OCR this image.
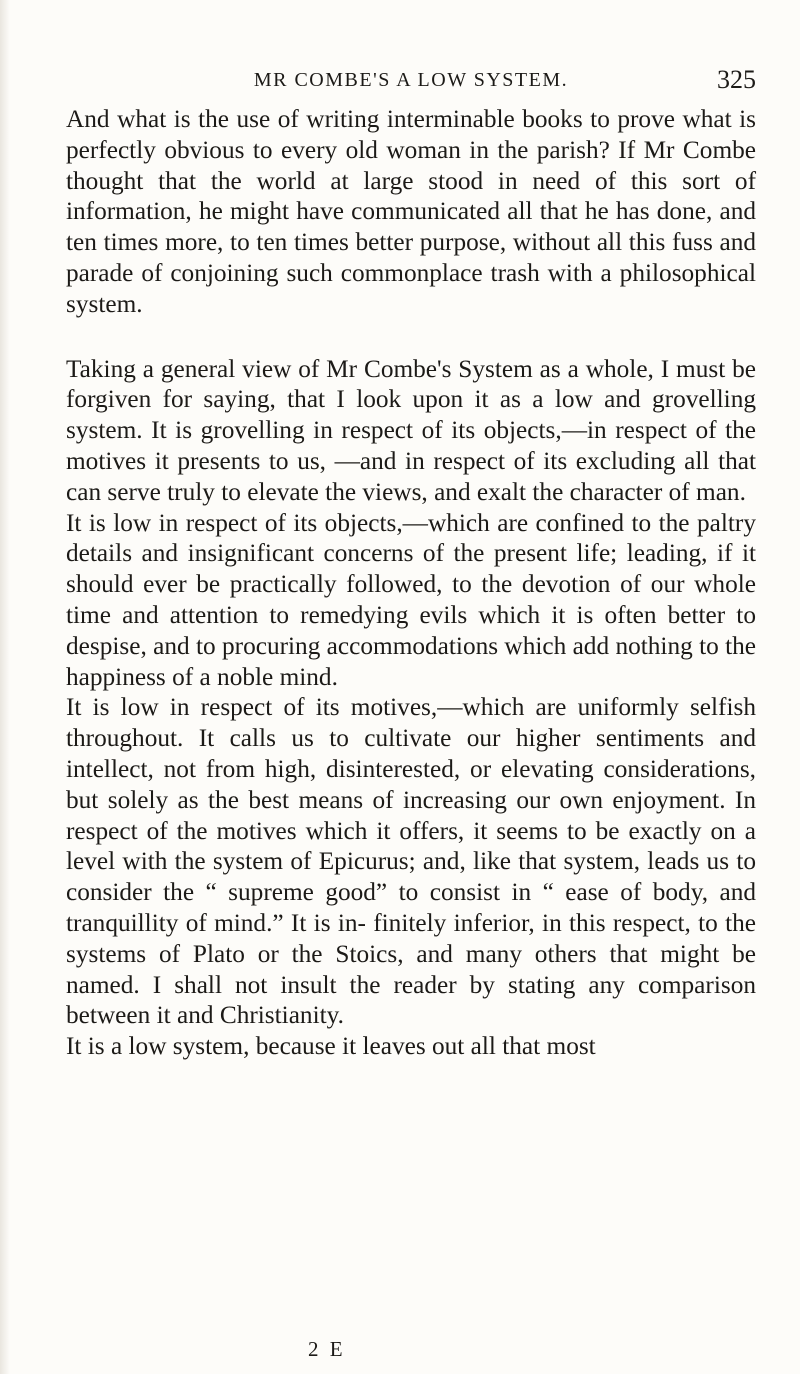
MR COMBE'S A LOW SYSTEM.	325

And what is the use of writing interminable books to prove what is perfectly obvious to every old woman in the parish? If Mr Combe thought that the world at large stood in need of this sort of information, he might have communicated all that he has done, and ten times more, to ten times better purpose, without all this fuss and parade of conjoining such commonplace trash with a philosophical system.

Taking a general view of Mr Combe's System as a whole, I must be forgiven for saying, that I look upon it as a low and grovelling system. It is grovelling in respect of its objects,—in respect of the motives it presents to us, —and in respect of its excluding all that can serve truly to elevate the views, and exalt the character of man.

It is low in respect of its objects,—which are confined to the paltry details and insignificant concerns of the present life; leading, if it should ever be practically followed, to the devotion of our whole time and attention to remedying evils which it is often better to despise, and to procuring accommodations which add nothing to the happiness of a noble mind.

It is low in respect of its motives,—which are uniformly selfish throughout. It calls us to cultivate our higher sentiments and intellect, not from high, disinterested, or elevating considerations, but solely as the best means of increasing our own enjoyment. In respect of the motives which it offers, it seems to be exactly on a level with the system of Epicurus; and, like that system, leads us to consider the “ supreme good” to consist in “ ease of body, and tranquillity of mind.” It is in- finitely inferior, in this respect, to the systems of Plato or the Stoics, and many others that might be named. I shall not insult the reader by stating any comparison between it and Christianity.

It is a low system, because it leaves out all that most

2 E
